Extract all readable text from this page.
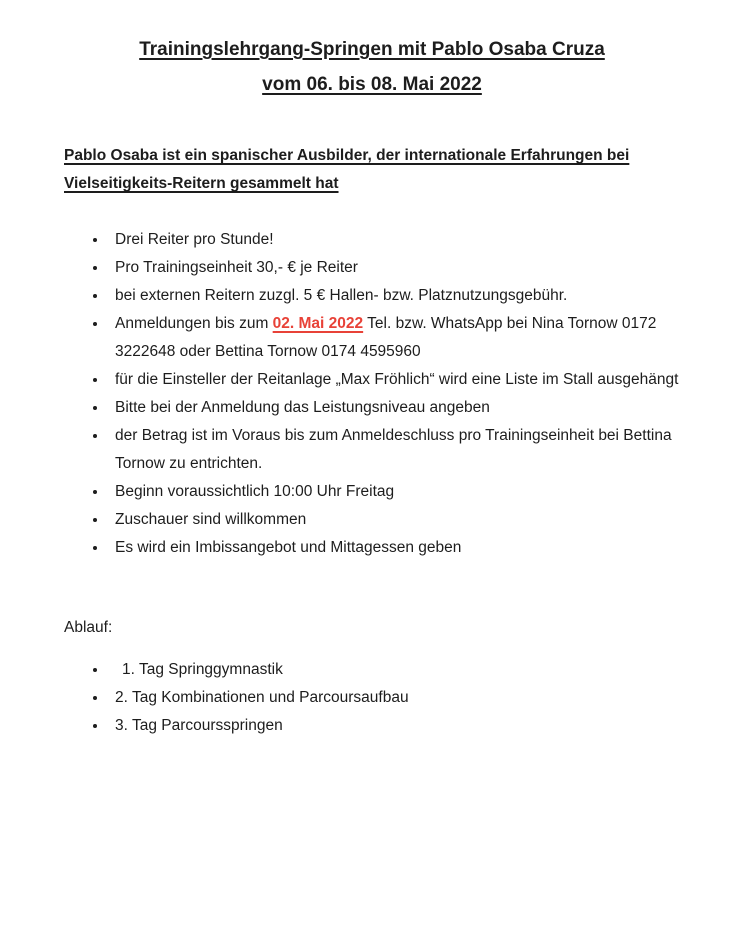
Trainingslehrgang-Springen mit Pablo Osaba Cruza
vom 06. bis 08. Mai 2022
Pablo Osaba ist ein spanischer Ausbilder, der internationale Erfahrungen bei Vielseitigkeits-Reitern gesammelt hat
• Drei Reiter pro Stunde!
• Pro Trainingseinheit 30,- € je Reiter
• bei externen Reitern zuzgl. 5 € Hallen- bzw. Platznutzungsgebühr.
• Anmeldungen bis zum 02. Mai 2022 Tel. bzw. WhatsApp bei Nina Tornow 0172 3222648 oder Bettina Tornow 0174 4595960
• für die Einsteller der Reitanlage „Max Fröhlich“ wird eine Liste im Stall ausgehängt
• Bitte bei der Anmeldung das Leistungsniveau angeben
• der Betrag ist im Voraus bis zum Anmeldeschluss pro Trainingseinheit bei Bettina Tornow zu entrichten.
• Beginn voraussichtlich 10:00 Uhr Freitag
• Zuschauer sind willkommen
• Es wird ein Imbissangebot und Mittagessen geben

Ablauf:

• 1. Tag Springgymnastik
• 2. Tag Kombinationen und Parcoursaufbau
• 3. Tag Parcoursspringen
